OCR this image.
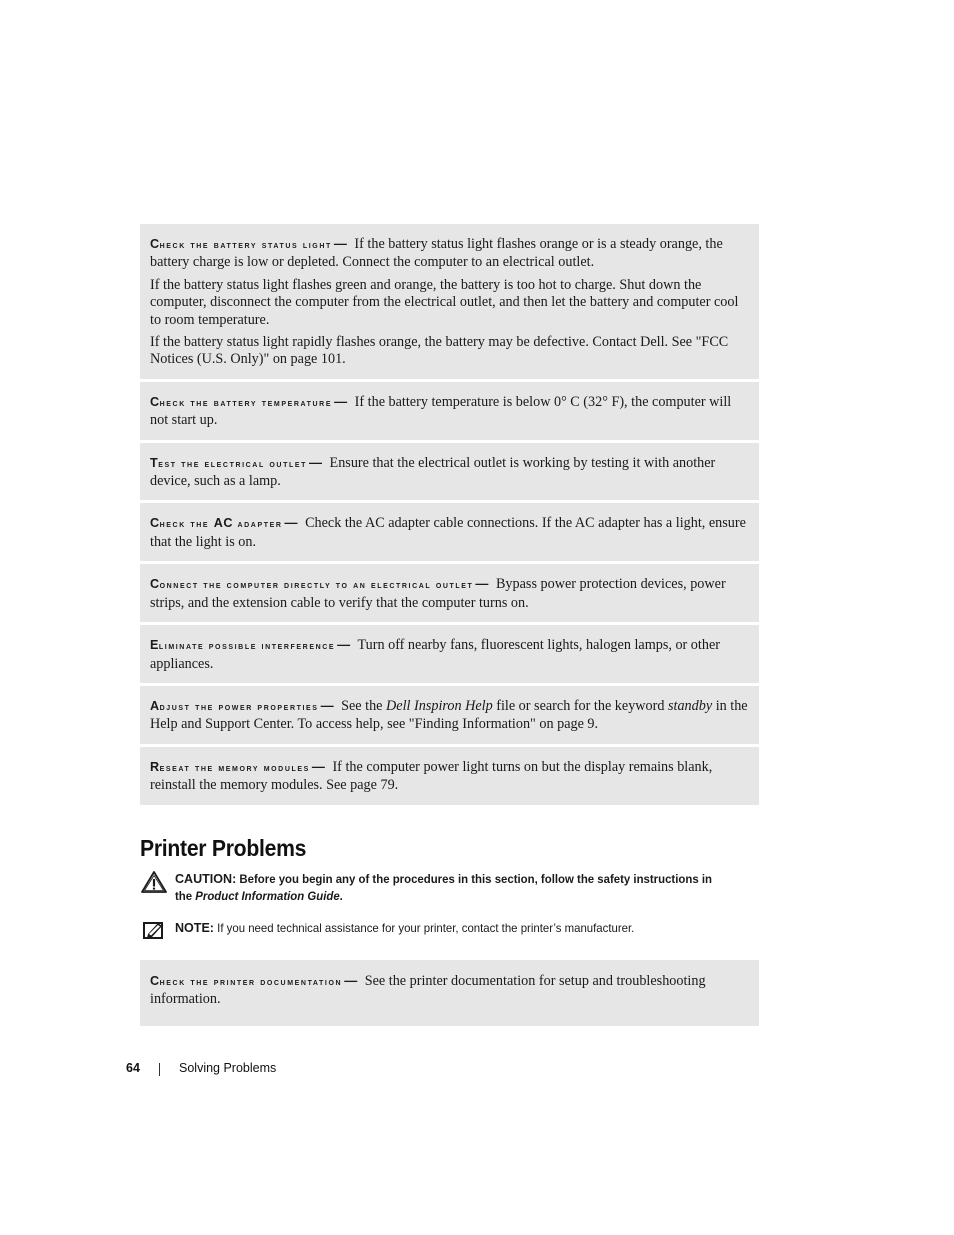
Check the battery status light — If the battery status light flashes orange or is a steady orange, the battery charge is low or depleted. Connect the computer to an electrical outlet.

If the battery status light flashes green and orange, the battery is too hot to charge. Shut down the computer, disconnect the computer from the electrical outlet, and then let the battery and computer cool to room temperature.

If the battery status light rapidly flashes orange, the battery may be defective. Contact Dell. See "FCC Notices (U.S. Only)" on page 101.

Check the battery temperature — If the battery temperature is below 0° C (32° F), the computer will not start up.

Test the electrical outlet — Ensure that the electrical outlet is working by testing it with another device, such as a lamp.

Check the AC adapter — Check the AC adapter cable connections. If the AC adapter has a light, ensure that the light is on.

Connect the computer directly to an electrical outlet — Bypass power protection devices, power strips, and the extension cable to verify that the computer turns on.

Eliminate possible interference — Turn off nearby fans, fluorescent lights, halogen lamps, or other appliances.

Adjust the power properties — See the Dell Inspiron Help file or search for the keyword standby in the Help and Support Center. To access help, see "Finding Information" on page 9.

Reseat the memory modules — If the computer power light turns on but the display remains blank, reinstall the memory modules. See page 79.

Printer Problems
CAUTION: Before you begin any of the procedures in this section, follow the safety instructions in the Product Information Guide.
NOTE: If you need technical assistance for your printer, contact the printer’s manufacturer.

Check the printer documentation — See the printer documentation for setup and troubleshooting information.

64	Solving Problems
